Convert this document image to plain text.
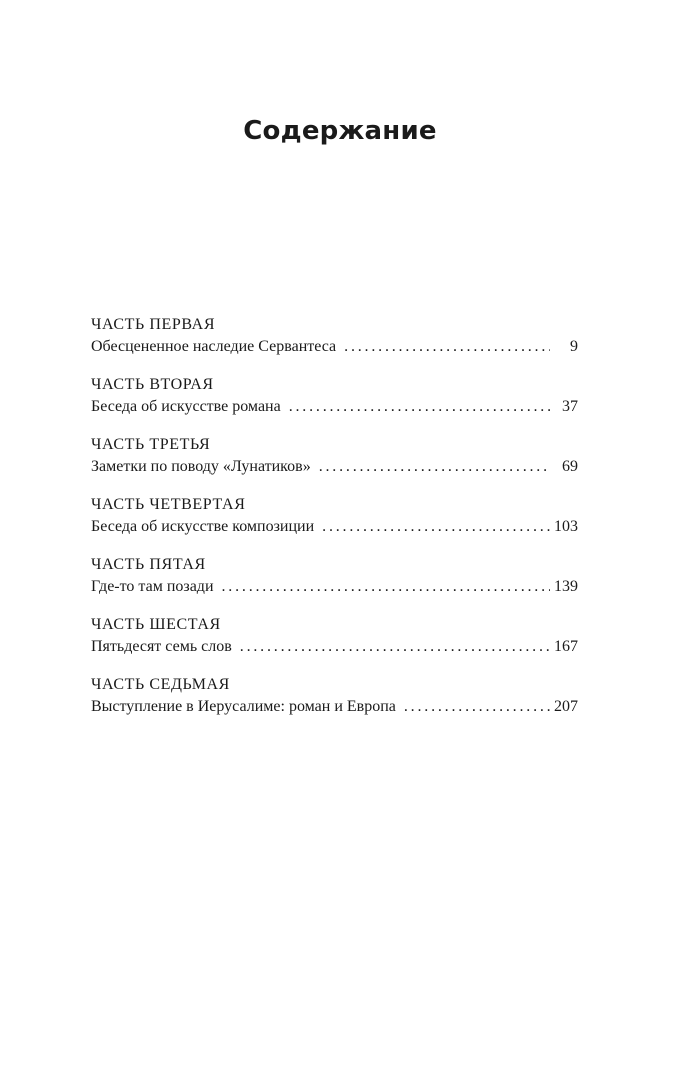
Содержание
ЧАСТЬ ПЕРВАЯ
Обесцененное наследие Сервантеса . . .	9
ЧАСТЬ ВТОРАЯ
Беседа об искусстве романа . . .	37
ЧАСТЬ ТРЕТЬЯ
Заметки по поводу «Лунатиков» . . .	69
ЧАСТЬ ЧЕТВЕРТАЯ
Беседа об искусстве композиции . . .	103
ЧАСТЬ ПЯТАЯ
Где-то там позади . . .	139
ЧАСТЬ ШЕСТАЯ
Пятьдесят семь слов . . .	167
ЧАСТЬ СЕДЬМАЯ
Выступление в Иерусалиме: роман и Европа . . .	207
